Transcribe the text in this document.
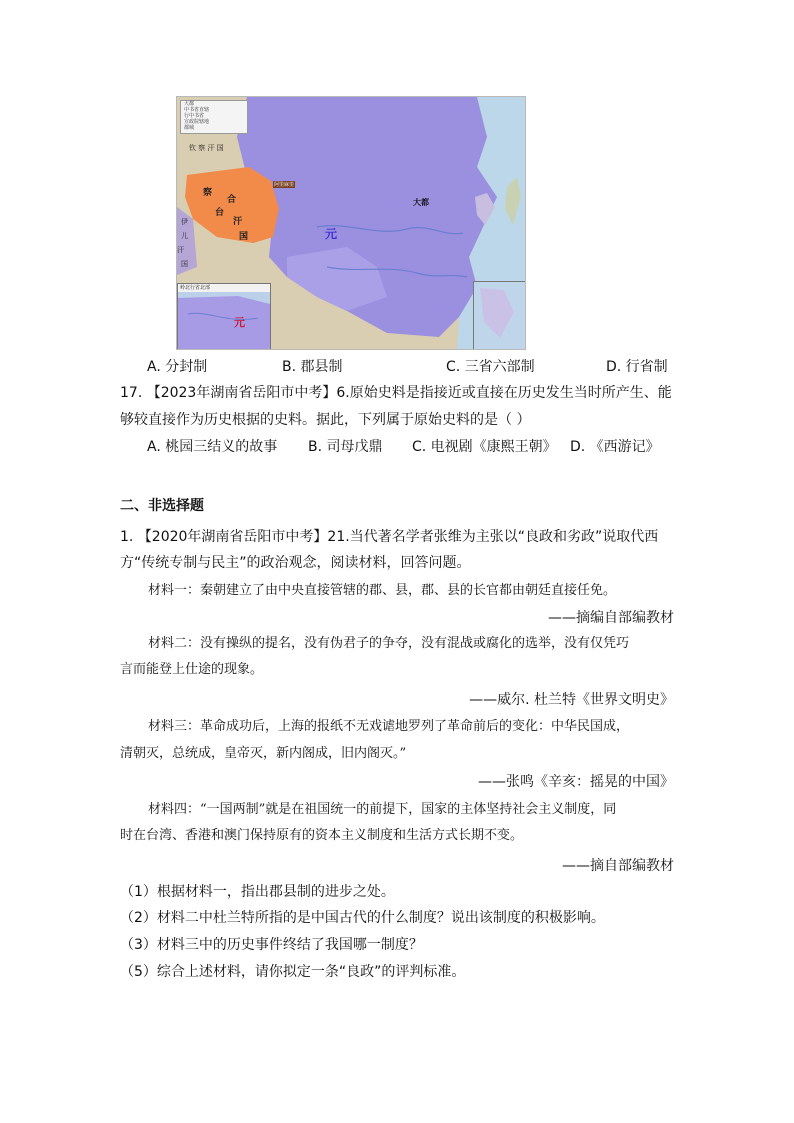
大都
中书省直辖
行中书省
宣政院辖地
都城
钦 察 汗 国
察
合
台
汗
国
伊
儿
汗
国
阿里麻里
元
大都
岭北行省北部
元
A. 分封制	B. 郡县制	C. 三省六部制	D. 行省制
17. 【2023年湖南省岳阳市中考】6.原始史料是指接近或直接在历史发生当时所产生、能
够较直接作为历史根据的史料。据此，下列属于原始史料的是（ ）
A. 桃园三结义的故事 B. 司母戊鼎 C. 电视剧《康熙王朝》 D. 《西游记》
二、非选择题
1. 【2020年湖南省岳阳市中考】21.当代著名学者张维为主张以“良政和劣政”说取代西
方“传统专制与民主”的政治观念，阅读材料，回答问题。
材料一：秦朝建立了由中央直接管辖的郡、县，郡、县的长官都由朝廷直接任免。
——摘编自部编教材
材料二：没有操纵的提名，没有伪君子的争夺，没有混战或腐化的选举，没有仅凭巧
言而能登上仕途的现象。
——威尔. 杜兰特《世界文明史》
材料三：革命成功后，上海的报纸不无戏谑地罗列了革命前后的变化：中华民国成，
清朝灭，总统成，皇帝灭，新内阁成，旧内阁灭。”
——张鸣《辛亥：摇晃的中国》
材料四：“一国两制”就是在祖国统一的前提下，国家的主体坚持社会主义制度，同
时在台湾、香港和澳门保持原有的资本主义制度和生活方式长期不变。
——摘自部编教材
（1）根据材料一，指出郡县制的进步之处。
（2）材料二中杜兰特所指的是中国古代的什么制度？说出该制度的积极影响。
（3）材料三中的历史事件终结了我国哪一制度？
（5）综合上述材料，请你拟定一条“良政”的评判标准。
